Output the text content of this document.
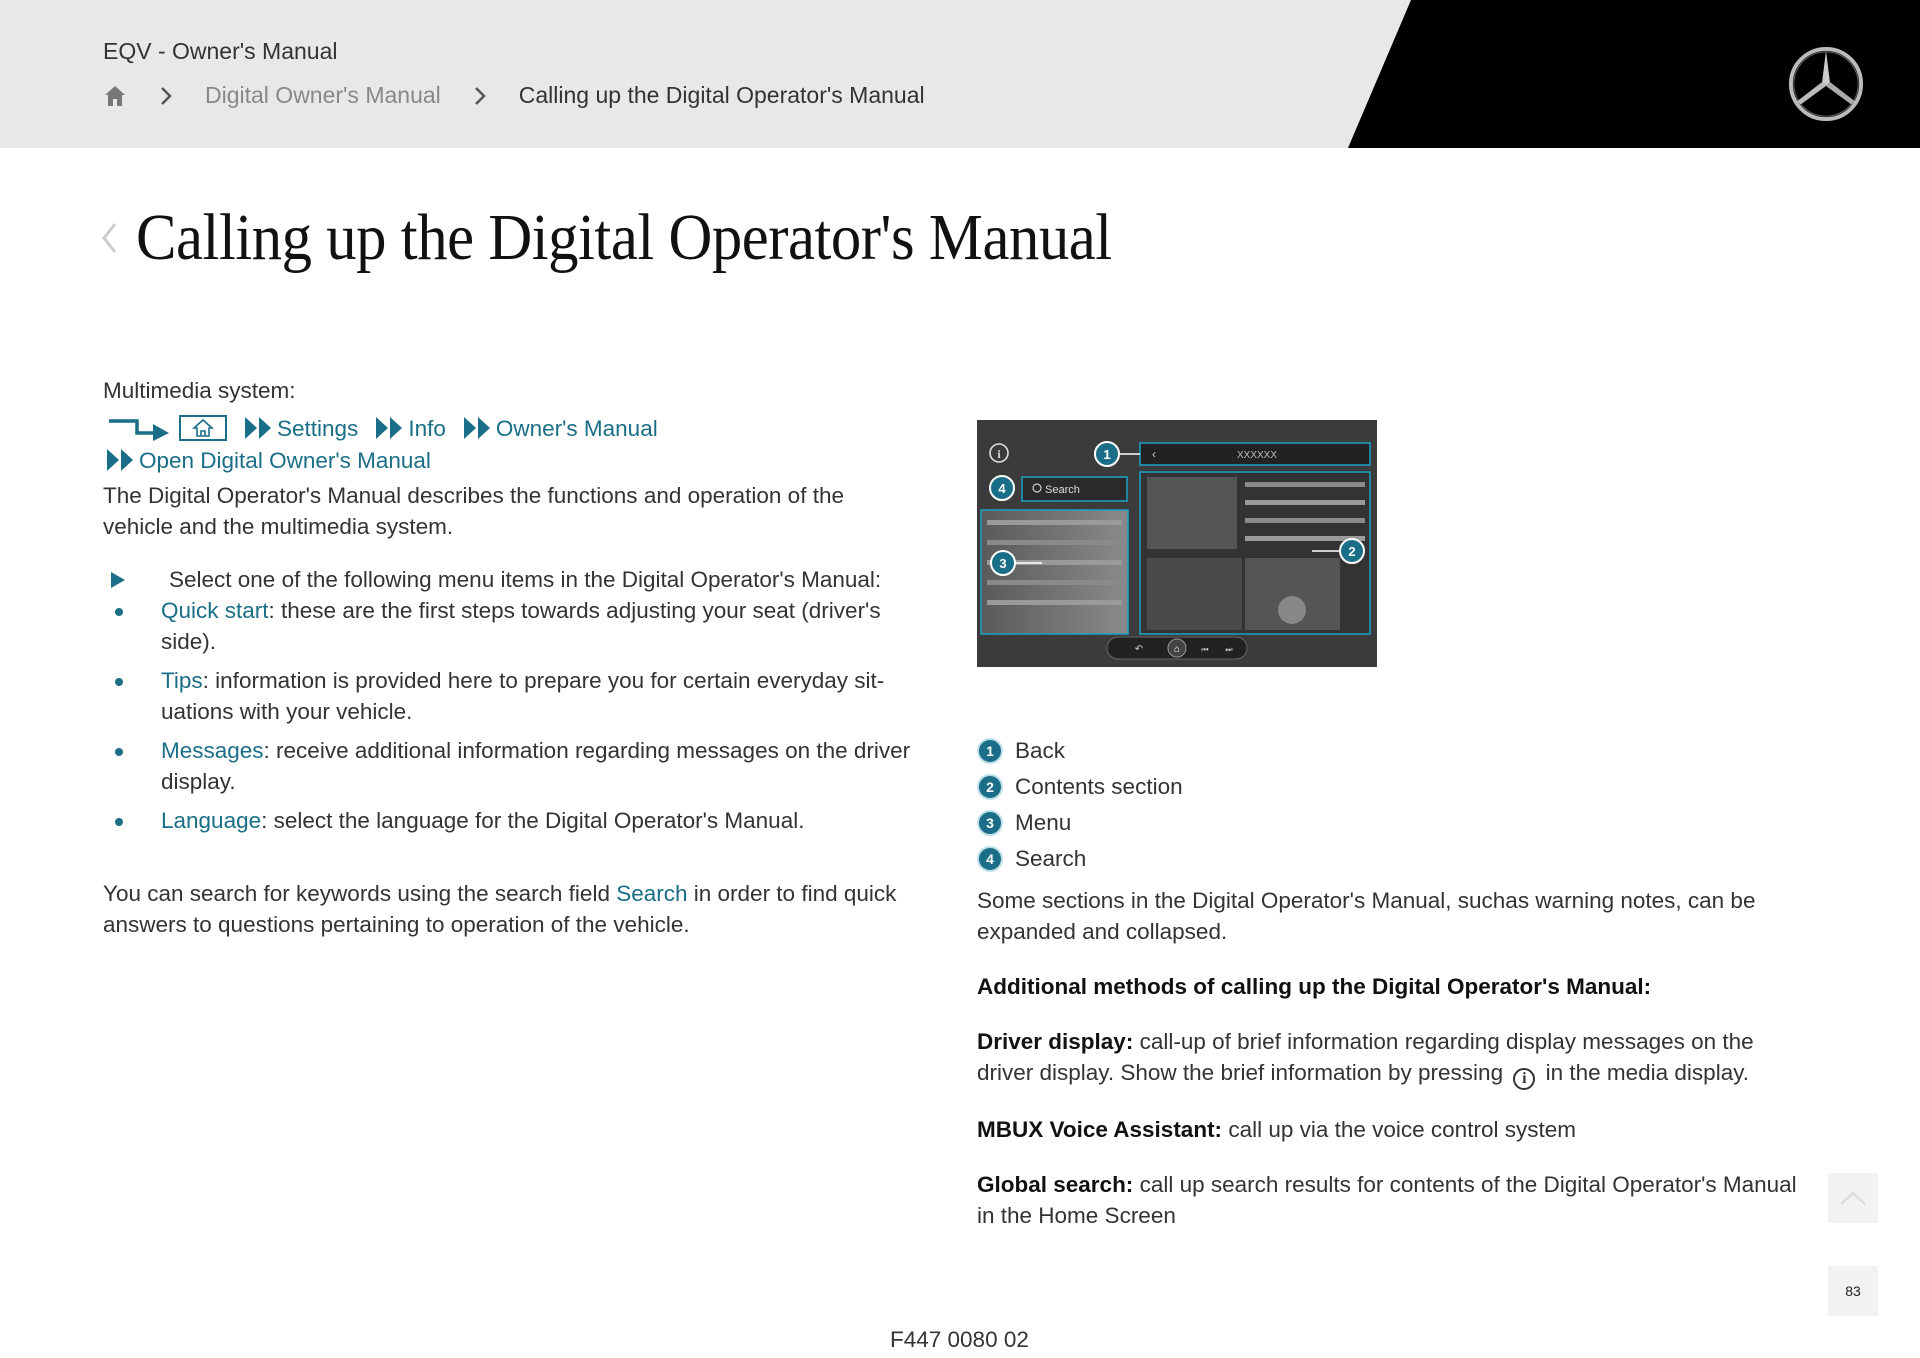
EQV - Owner's Manual
Digital Owner's Manual	Calling up the Digital Operator's Manual
Calling up the Digital Operator's Manual
Multimedia system:
Settings Info Owner's Manual
Open Digital Owner's Manual
The Digital Operator's Manual describes the functions and operation of the vehicle and the multimedia system.
Select one of the following menu items in the Digital Operator's Manual:
Quick start: these are the first steps towards adjusting your seat (driver's side).
Tips: information is provided here to prepare you for certain everyday sit-uations with your vehicle.
Messages: receive additional information regarding messages on the driver display.
Language: select the language for the Digital Operator's Manual.
You can search for keywords using the search field Search in order to find quick answers to questions pertaining to operation of the vehicle.
i	XXXXXX
‹
Search
⌂
↶	⏮ ⏭
1
2
3
4
1 Back
2 Contents section
3 Menu
4 Search

Some sections in the Digital Operator's Manual, suchas warning notes, can be expanded and collapsed.

Additional methods of calling up the Digital Operator's Manual:

Driver display: call-up of brief information regarding display messages on the driver display. Show the brief information by pressing i in the media display.

MBUX Voice Assistant: call up via the voice control system

Global search: call up search results for contents of the Digital Operator's Manual in the Home Screen

F447 0080 02
83
